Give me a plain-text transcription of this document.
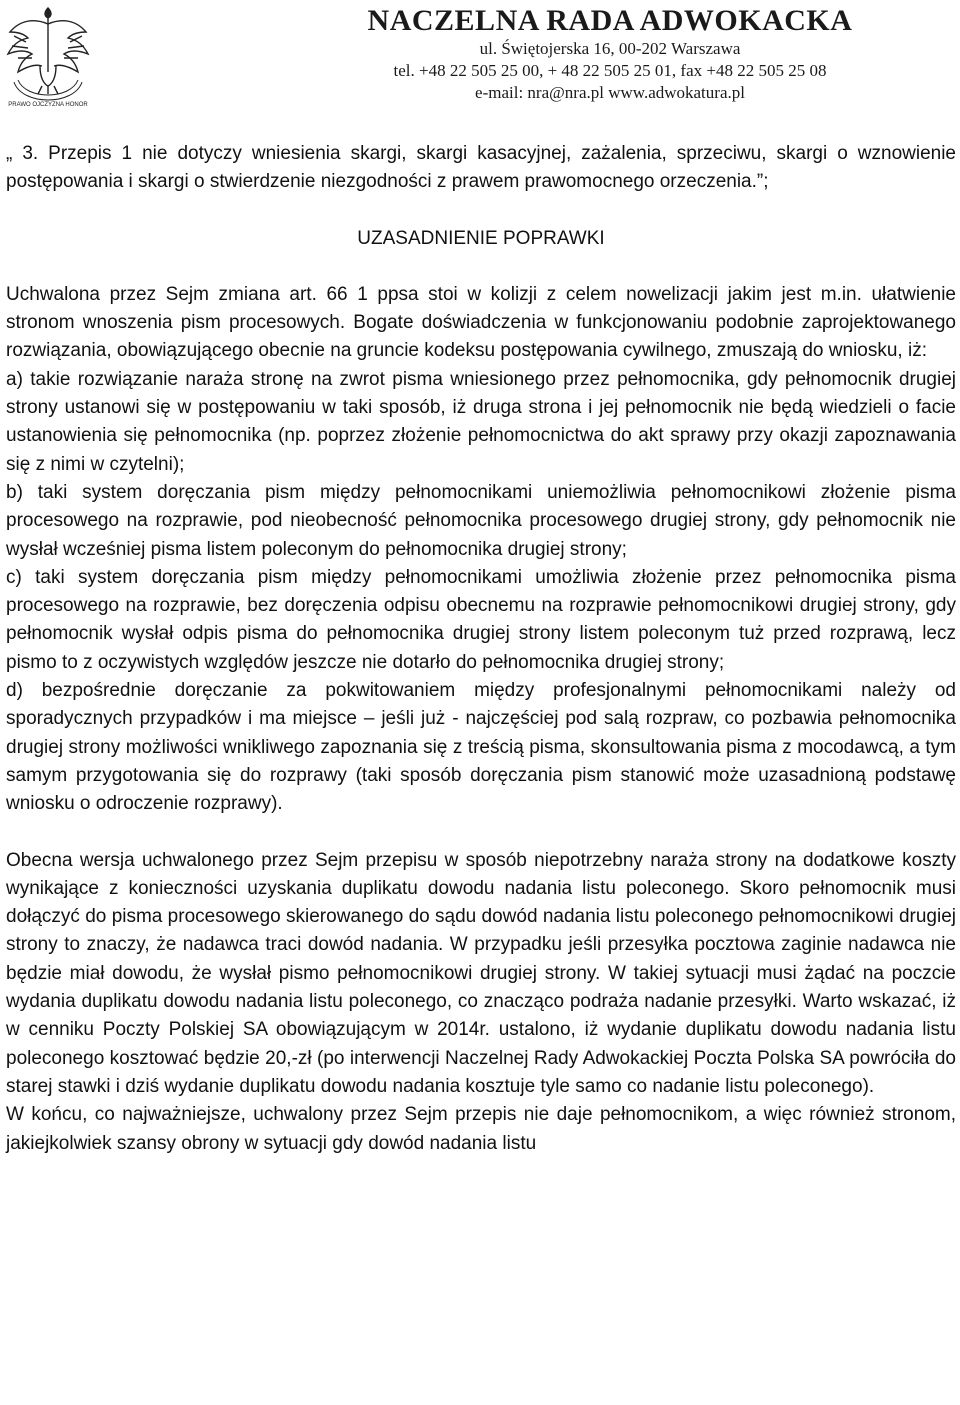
PRAWO OJCZYZNA HONOR
NACZELNA RADA ADWOKACKA
ul. Świętojerska 16, 00-202 Warszawa
tel. +48 22 505 25 00, + 48 22 505 25 01, fax +48 22 505 25 08
e-mail: nra@nra.pl www.adwokatura.pl

„ 3. Przepis 1 nie dotyczy wniesienia skargi, skargi kasacyjnej, zażalenia, sprzeciwu, skargi o wznowienie postępowania i skargi o stwierdzenie niezgodności z prawem prawomocnego orzeczenia.”;

UZASADNIENIE POPRAWKI

Uchwalona przez Sejm zmiana art. 66 1 ppsa stoi w kolizji z celem nowelizacji jakim jest m.in. ułatwienie stronom wnoszenia pism procesowych. Bogate doświadczenia w funkcjonowaniu podobnie zaprojektowanego rozwiązania, obowiązującego obecnie na gruncie kodeksu postępowania cywilnego, zmuszają do wniosku, iż:

a) takie rozwiązanie naraża stronę na zwrot pisma wniesionego przez pełnomocnika, gdy pełnomocnik drugiej strony ustanowi się w postępowaniu w taki sposób, iż druga strona i jej pełnomocnik nie będą wiedzieli o facie ustanowienia się pełnomocnika (np. poprzez złożenie pełnomocnictwa do akt sprawy przy okazji zapoznawania się z nimi w czytelni);

b) taki system doręczania pism między pełnomocnikami uniemożliwia pełnomocnikowi złożenie pisma procesowego na rozprawie, pod nieobecność pełnomocnika procesowego drugiej strony, gdy pełnomocnik nie wysłał wcześniej pisma listem poleconym do pełnomocnika drugiej strony;

c) taki system doręczania pism między pełnomocnikami umożliwia złożenie przez pełnomocnika pisma procesowego na rozprawie, bez doręczenia odpisu obecnemu na rozprawie pełnomocnikowi drugiej strony, gdy pełnomocnik wysłał odpis pisma do pełnomocnika drugiej strony listem poleconym tuż przed rozprawą, lecz pismo to z oczywistych względów jeszcze nie dotarło do pełnomocnika drugiej strony;

d) bezpośrednie doręczanie za pokwitowaniem między profesjonalnymi pełnomocnikami należy od sporadycznych przypadków i ma miejsce – jeśli już - najczęściej pod salą rozpraw, co pozbawia pełnomocnika drugiej strony możliwości wnikliwego zapoznania się z treścią pisma, skonsultowania pisma z mocodawcą, a tym samym przygotowania się do rozprawy (taki sposób doręczania pism stanowić może uzasadnioną podstawę wniosku o odroczenie rozprawy).

Obecna wersja uchwalonego przez Sejm przepisu w sposób niepotrzebny naraża strony na dodatkowe koszty wynikające z konieczności uzyskania duplikatu dowodu nadania listu poleconego. Skoro pełnomocnik musi dołączyć do pisma procesowego skierowanego do sądu dowód nadania listu poleconego pełnomocnikowi drugiej strony to znaczy, że nadawca traci dowód nadania. W przypadku jeśli przesyłka pocztowa zaginie nadawca nie będzie miał dowodu, że wysłał pismo pełnomocnikowi drugiej strony. W takiej sytuacji musi żądać na poczcie wydania duplikatu dowodu nadania listu poleconego, co znacząco podraża nadanie przesyłki. Warto wskazać, iż w cenniku Poczty Polskiej SA obowiązującym w 2014r. ustalono, iż wydanie duplikatu dowodu nadania listu poleconego kosztować będzie 20,-zł (po interwencji Naczelnej Rady Adwokackiej Poczta Polska SA powróciła do starej stawki i dziś wydanie duplikatu dowodu nadania kosztuje tyle samo co nadanie listu poleconego).

W końcu, co najważniejsze, uchwalony przez Sejm przepis nie daje pełnomocnikom, a więc również stronom, jakiejkolwiek szansy obrony w sytuacji gdy dowód nadania listu
